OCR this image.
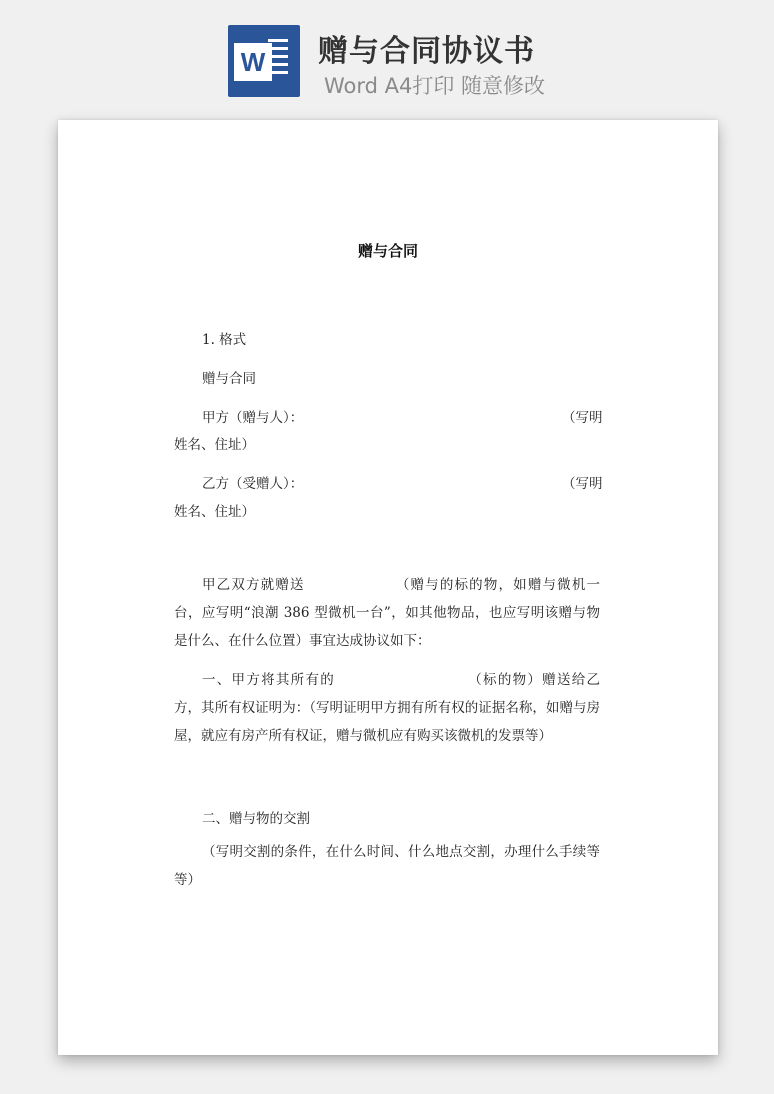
W 赠与合同协议书
Word A4打印 随意修改
赠与合同
1. 格式
赠与合同
甲方（赠与人）：	（写明
姓名、住址）
乙方（受赠人）：	（写明
姓名、住址）
甲乙双方就赠送	（赠与的标的物，如赠与微机一台，应写明“浪潮 386 型微机一台”，如其他物品，也应写明该赠与物是什么、在什么位置）事宜达成协议如下：
一、甲方将其所有的	（标的物）赠送给乙方，其所有权证明为：（写明证明甲方拥有所有权的证据名称，如赠与房屋，就应有房产所有权证，赠与微机应有购买该微机的发票等）
二、赠与物的交割
（写明交割的条件，在什么时间、什么地点交割，办理什么手续等等）
